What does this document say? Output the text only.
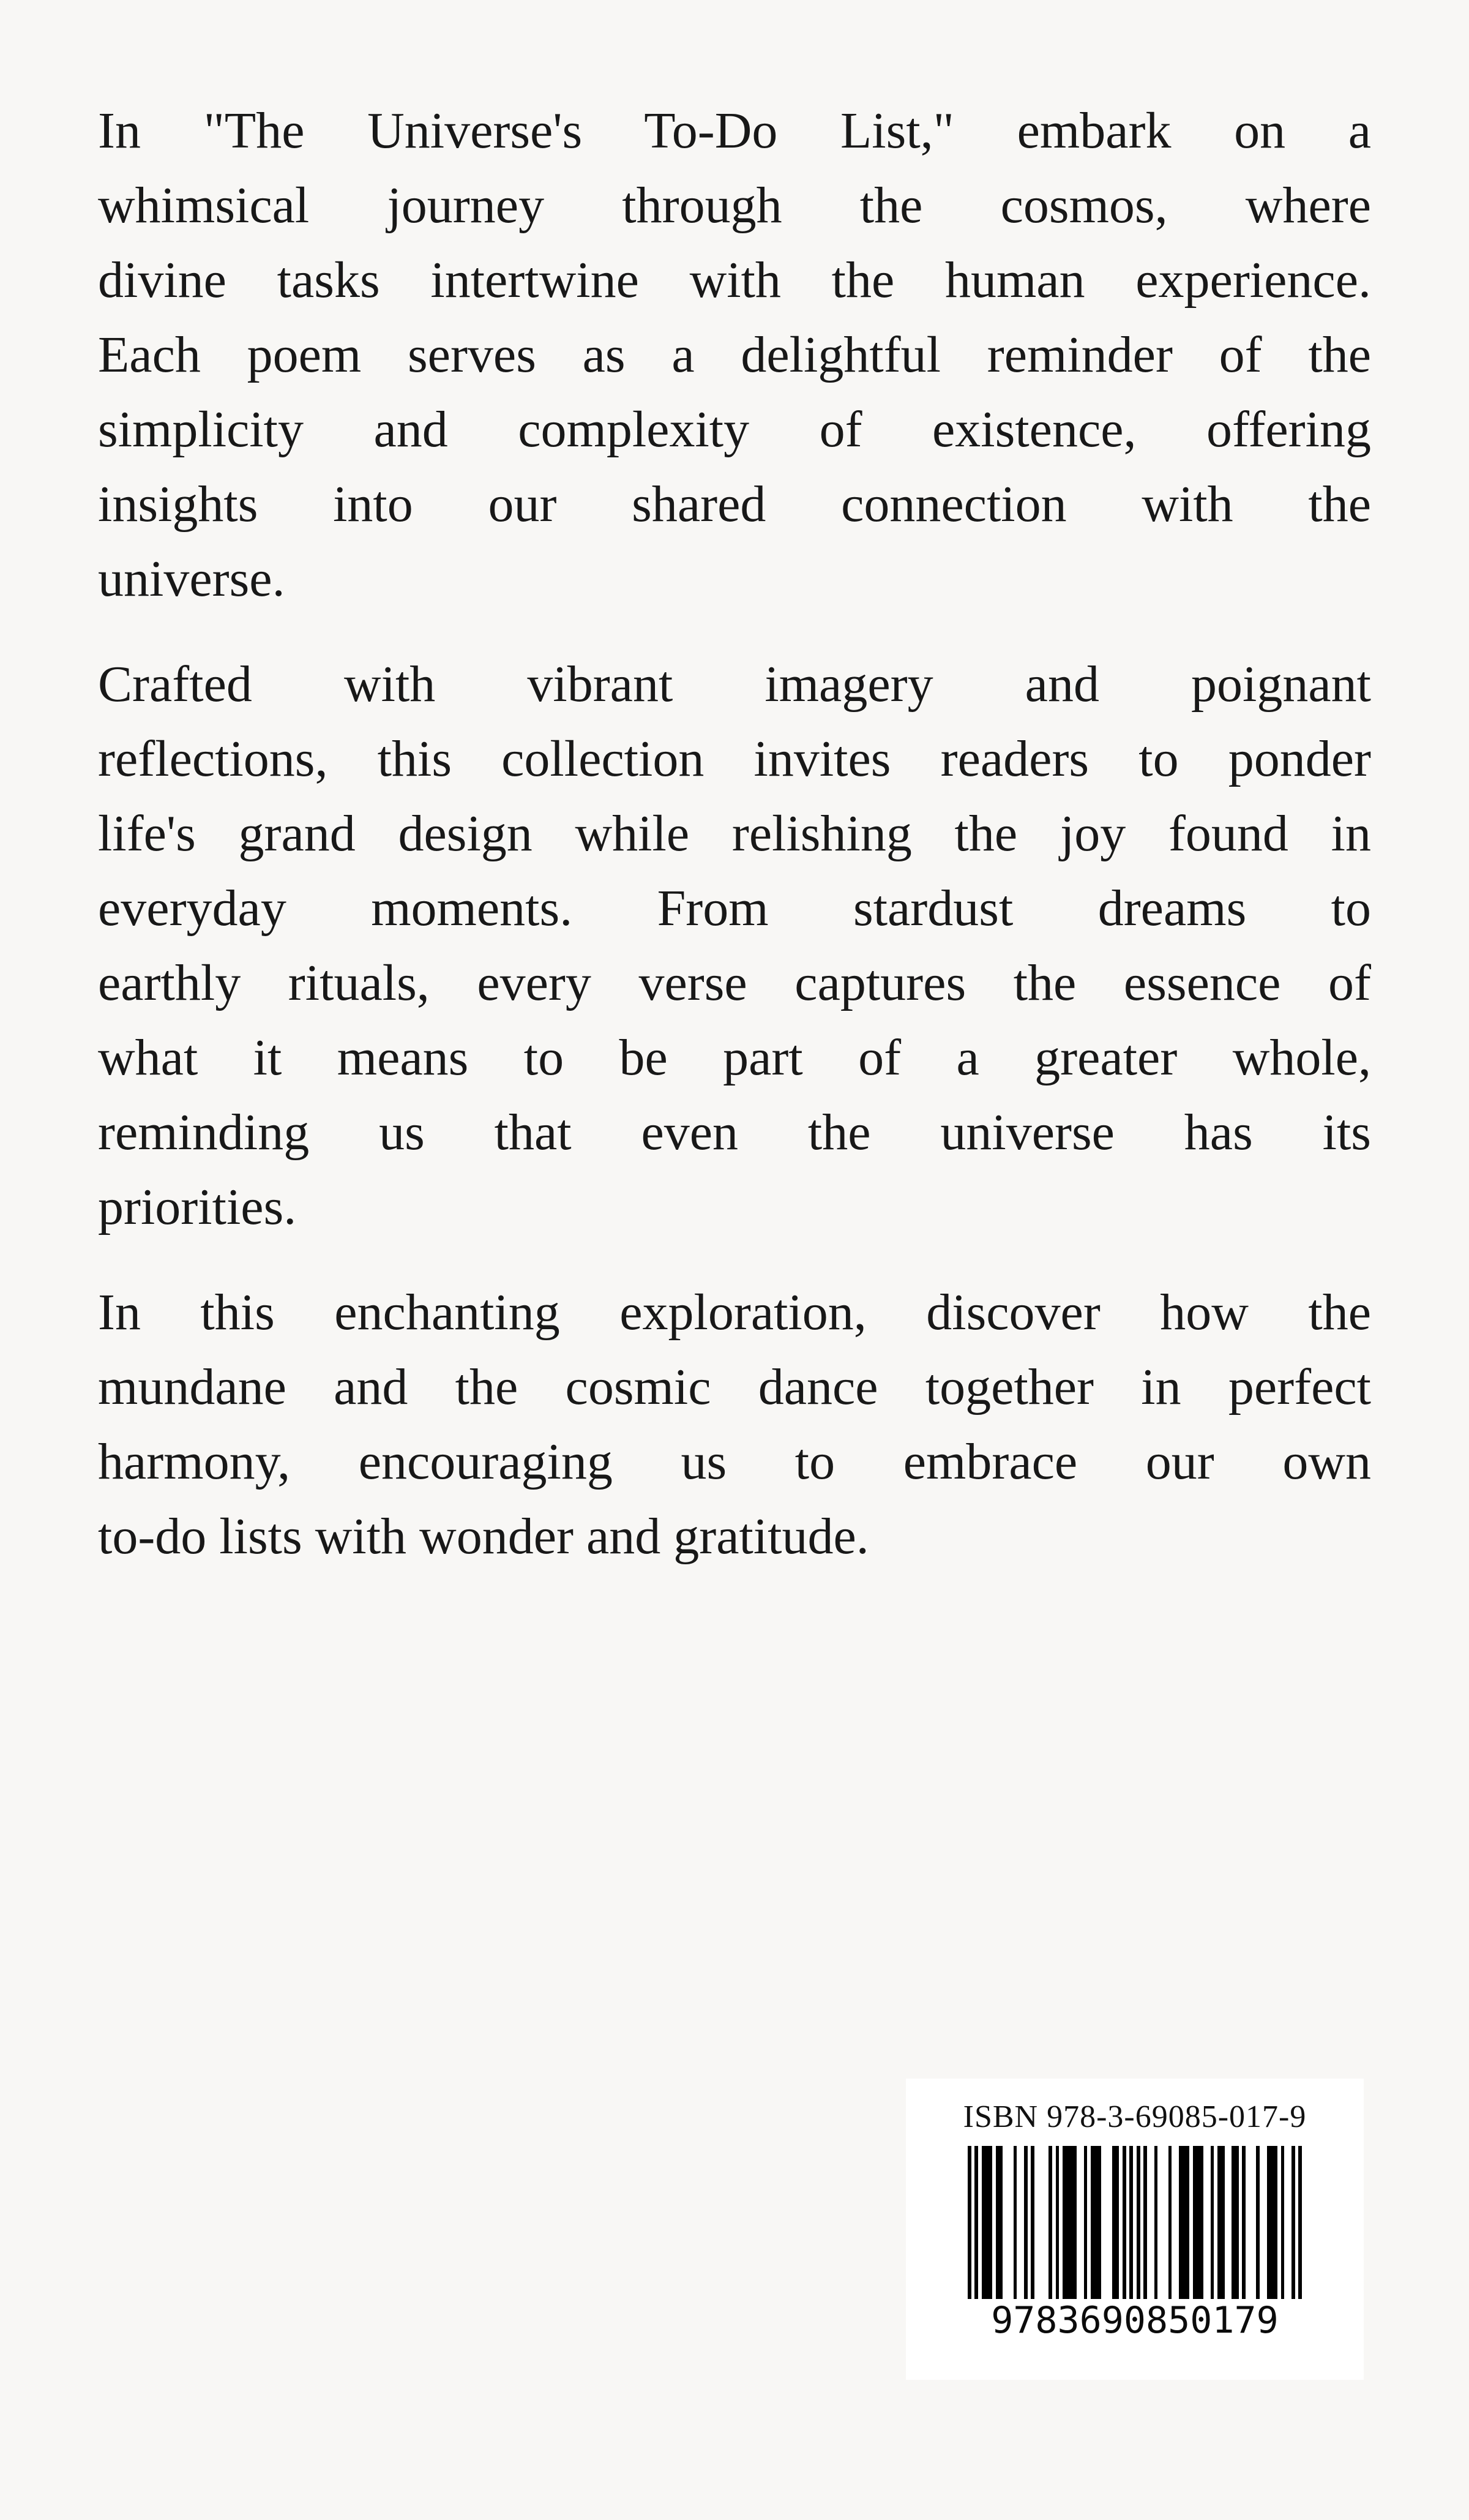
In "The Universe's To-Do List," embark on a
whimsical journey through the cosmos, where
divine tasks intertwine with the human experience.
Each poem serves as a delightful reminder of the
simplicity and complexity of existence, offering
insights into our shared connection with the
universe.

Crafted with vibrant imagery and poignant
reflections, this collection invites readers to ponder
life's grand design while relishing the joy found in
everyday moments. From stardust dreams to
earthly rituals, every verse captures the essence of
what it means to be part of a greater whole,
reminding us that even the universe has its
priorities.

In this enchanting exploration, discover how the
mundane and the cosmic dance together in perfect
harmony, encouraging us to embrace our own
to-do lists with wonder and gratitude.

ISBN 978-3-69085-017-9
9783690850179
